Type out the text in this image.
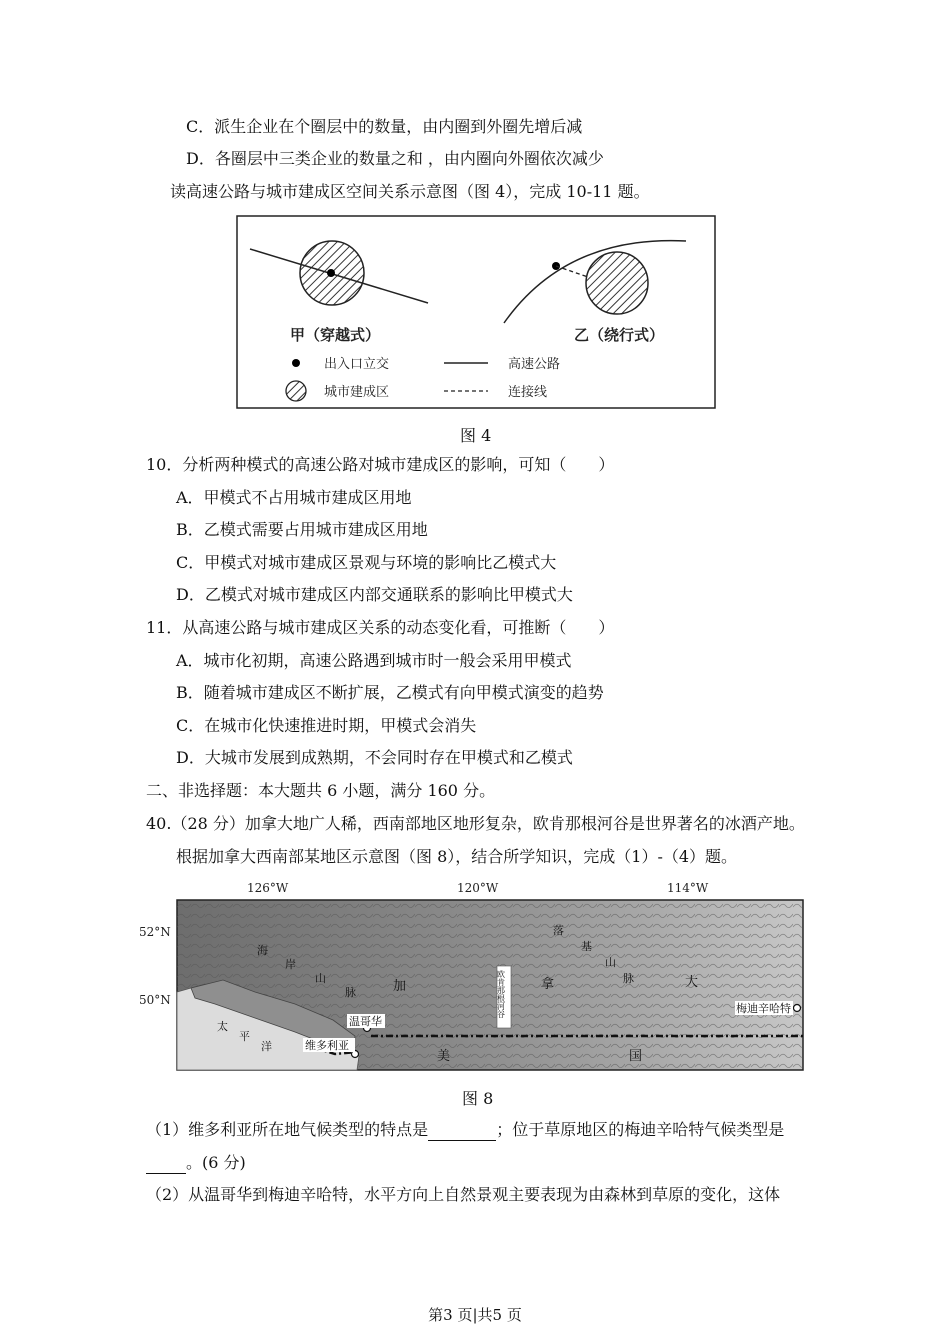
C．派生企业在个圈层中的数量，由内圈到外圈先增后减
D．各圈层中三类企业的数量之和 ，由内圈向外圈依次减少
读高速公路与城市建成区空间关系示意图（图 4），完成 10-11 题。
甲（穿越式）	乙（绕行式）
出入口立交	高速公路
城市建成区	连接线
图 4
10．分析两种模式的高速公路对城市建成区的影响，可知（　　）
A．甲模式不占用城市建成区用地
B．乙模式需要占用城市建成区用地
C．甲模式对城市建成区景观与环境的影响比乙模式大
D．乙模式对城市建成区内部交通联系的影响比甲模式大
11．从高速公路与城市建成区关系的动态变化看，可推断（　　）
A．城市化初期，高速公路遇到城市时一般会采用甲模式
B．随着城市建成区不断扩展，乙模式有向甲模式演变的趋势
C．在城市化快速推进时期，甲模式会消失
D．大城市发展到成熟期，不会同时存在甲模式和乙模式
二、非选择题：本大题共 6 小题，满分 160 分。
40.（28 分）加拿大地广人稀，西南部地区地形复杂，欧肯那根河谷是世界著名的冰酒产地。
根据加拿大西南部某地区示意图（图 8），结合所学知识，完成（1）-（4）题。
126°W	120°W	114°W
52°N
50°N
温哥华
维多利亚
梅迪辛哈特
欧肯那根河谷
海
岸
山
脉
落
基
山
脉
加	拿	大
美	国
太
平
洋
图 8
（1）维多利亚所在地气候类型的特点是	；位于草原地区的梅迪辛哈特气候类型是
。(6 分)
（2）从温哥华到梅迪辛哈特，水平方向上自然景观主要表现为由森林到草原的变化，这体
第3 页|共5 页
